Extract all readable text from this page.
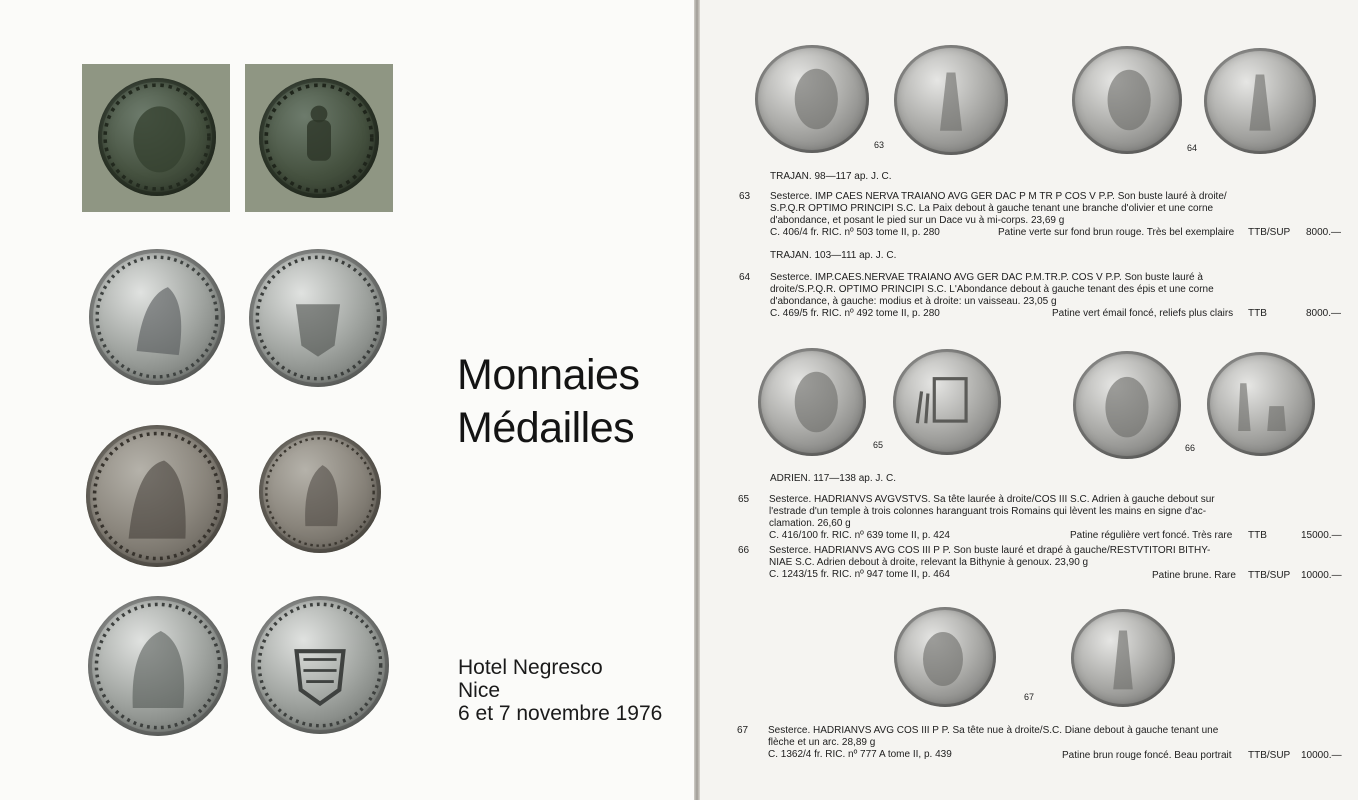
Monnaies
Médailles
Hotel Negresco
Nice
6 et 7 novembre 1976
63	64
TRAJAN. 98—117 ap. J. C.
63 Sesterce. IMP CAES NERVA TRAIANO AVG GER DAC P M TR P COS V P.P. Son buste lauré à droite/
S.P.Q.R OPTIMO PRINCIPI S.C. La Paix debout à gauche tenant une branche d'olivier et une corne
d'abondance, et posant le pied sur un Dace vu à mi-corps. 23,69 g
C. 406/4 fr. RIC. nº 503 tome II, p. 280	Patine verte sur fond brun rouge. Très bel exemplaire TTB/SUP 8000.—
TRAJAN. 103—111 ap. J. C.
64 Sesterce. IMP.CAES.NERVAE TRAIANO AVG GER DAC P.M.TR.P. COS V P.P. Son buste lauré à
droite/S.P.Q.R. OPTIMO PRINCIPI S.C. L'Abondance debout à gauche tenant des épis et une corne
d'abondance, à gauche: modius et à droite: un vaisseau. 23,05 g
C. 469/5 fr. RIC. nº 492 tome II, p. 280	Patine vert émail foncé, reliefs plus clairs TTB	8000.—
65	66
ADRIEN. 117—138 ap. J. C.
65 Sesterce. HADRIANVS AVGVSTVS. Sa tête laurée à droite/COS III S.C. Adrien à gauche debout sur
l'estrade d'un temple à trois colonnes haranguant trois Romains qui lèvent les mains en signe d'ac-
clamation. 26,60 g
C. 416/100 fr. RIC. nº 639 tome II, p. 424	Patine régulière vert foncé. Très rare TTB	15000.—
66 Sesterce. HADRIANVS AVG COS III P P. Son buste lauré et drapé à gauche/RESTVTITORI BITHY-
NIAE S.C. Adrien debout à droite, relevant la Bithynie à genoux. 23,90 g
C. 1243/15 fr. RIC. nº 947 tome II, p. 464	Patine brune. Rare TTB/SUP 10000.—
67
67 Sesterce. HADRIANVS AVG COS III P P. Sa tête nue à droite/S.C. Diane debout à gauche tenant une
flèche et un arc. 28,89 g
C. 1362/4 fr. RIC. nº 777 A tome II, p. 439	Patine brun rouge foncé. Beau portrait TTB/SUP 10000.—
